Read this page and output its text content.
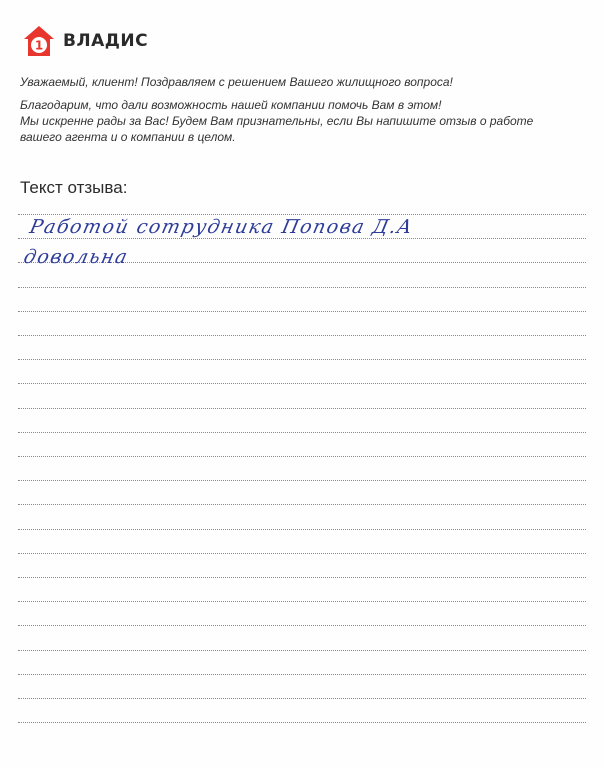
1 ВЛАДИС

Уважаемый, клиент! Поздравляем с решением Вашего жилищного вопроса!

Благодарим, что дали возможность нашей компании помочь Вам в этом!
Мы искренне рады за Вас! Будем Вам признательны, если Вы напишите отзыв о работе
вашего агента и о компании в целом.

Текст отзыва:
Работой сотрудника Попова Д.А
довольна
